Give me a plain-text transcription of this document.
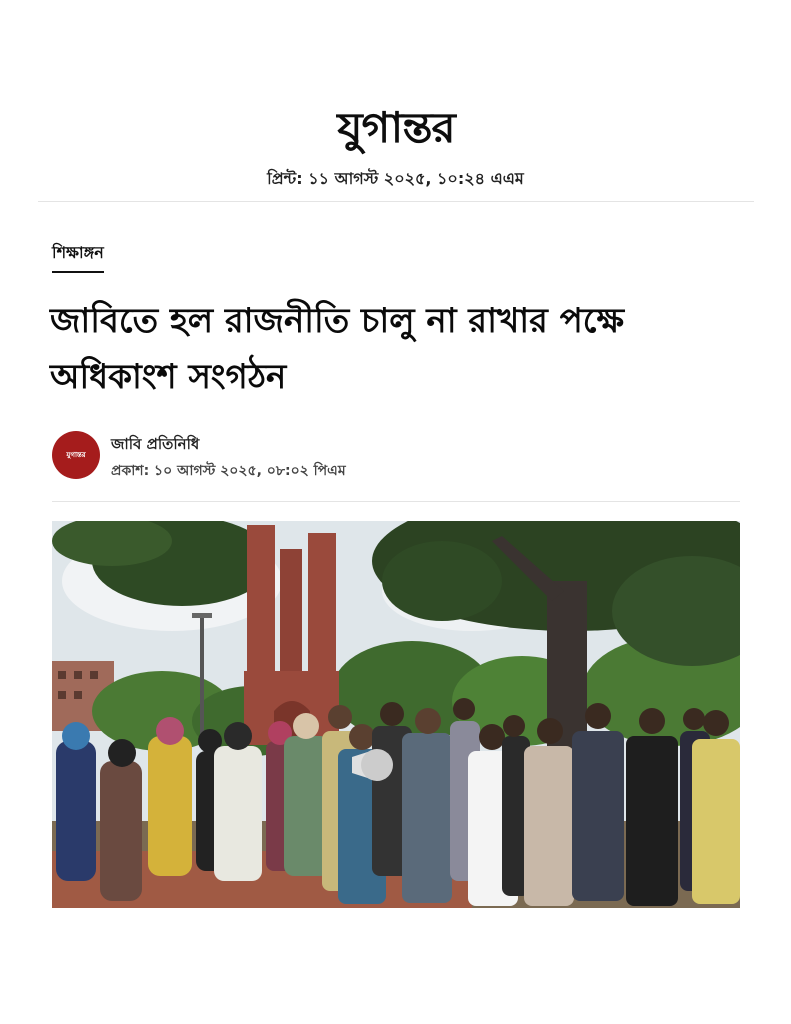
যুগান্তর
প্রিন্ট: ১১ আগস্ট ২০২৫, ১০:২৪ এএম
শিক্ষাঙ্গন
জাবিতে হল রাজনীতি চালু না রাখার পক্ষে অধিকাংশ সংগঠন
যুগান্তর
জাবি প্রতিনিধি
প্রকাশ: ১০ আগস্ট ২০২৫, ০৮:০২ পিএম
